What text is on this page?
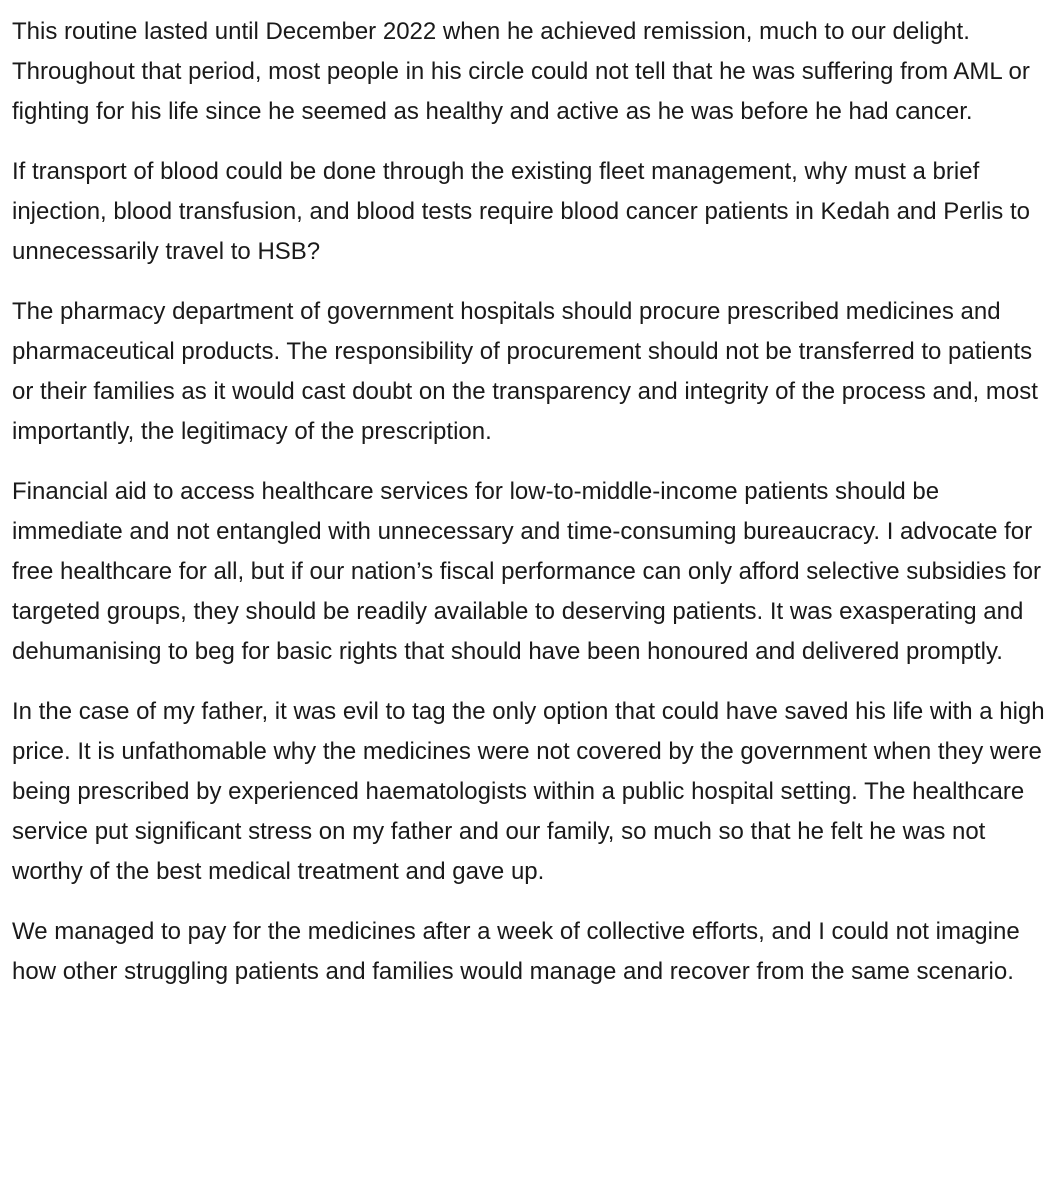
This routine lasted until December 2022 when he achieved remission, much to our delight. Throughout that period, most people in his circle could not tell that he was suffering from AML or fighting for his life since he seemed as healthy and active as he was before he had cancer.

If transport of blood could be done through the existing fleet management, why must a brief injection, blood transfusion, and blood tests require blood cancer patients in Kedah and Perlis to unnecessarily travel to HSB?

The pharmacy department of government hospitals should procure prescribed medicines and pharmaceutical products. The responsibility of procurement should not be transferred to patients or their families as it would cast doubt on the transparency and integrity of the process and, most importantly, the legitimacy of the prescription.

Financial aid to access healthcare services for low-to-middle-income patients should be immediate and not entangled with unnecessary and time-consuming bureaucracy. I advocate for free healthcare for all, but if our nation’s fiscal performance can only afford selective subsidies for targeted groups, they should be readily available to deserving patients. It was exasperating and dehumanising to beg for basic rights that should have been honoured and delivered promptly.

In the case of my father, it was evil to tag the only option that could have saved his life with a high price. It is unfathomable why the medicines were not covered by the government when they were being prescribed by experienced haematologists within a public hospital setting. The healthcare service put significant stress on my father and our family, so much so that he felt he was not worthy of the best medical treatment and gave up.

We managed to pay for the medicines after a week of collective efforts, and I could not imagine how other struggling patients and families would manage and recover from the same scenario.
